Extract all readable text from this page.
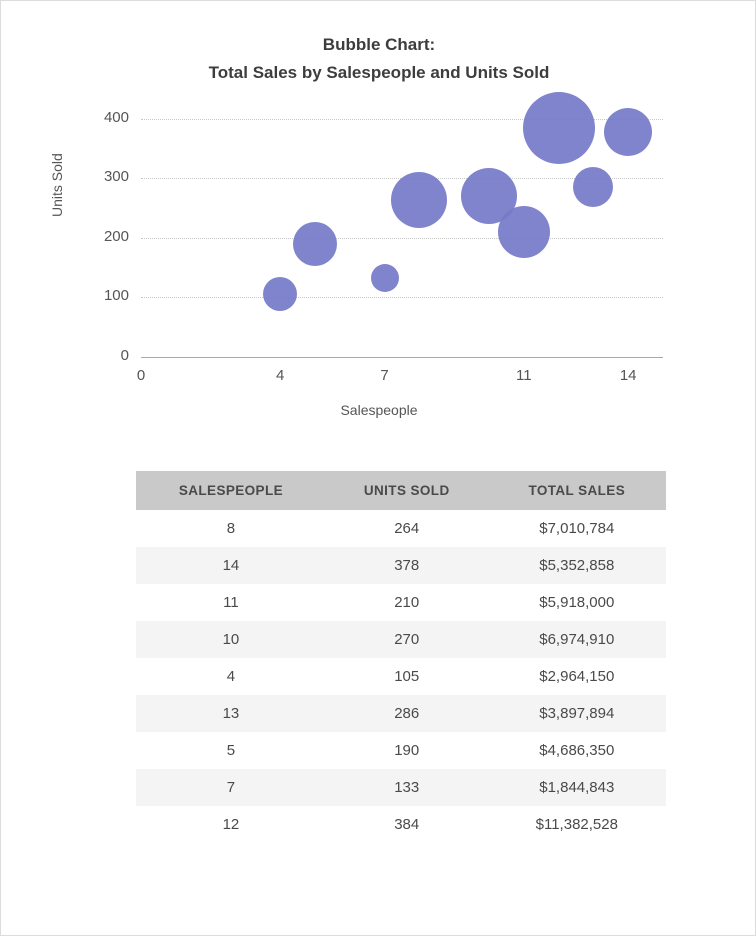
Bubble Chart:
Total Sales by Salespeople and Units Sold
Units Sold
Salespeople
0
100
200
300
400
0	4	7	11	14
SALESPEOPLE	UNITS SOLD	TOTAL SALES
8	264	$7,010,784
14	378	$5,352,858
11	210	$5,918,000
10	270	$6,974,910
4	105	$2,964,150
13	286	$3,897,894
5	190	$4,686,350
7	133	$1,844,843
12	384	$11,382,528
